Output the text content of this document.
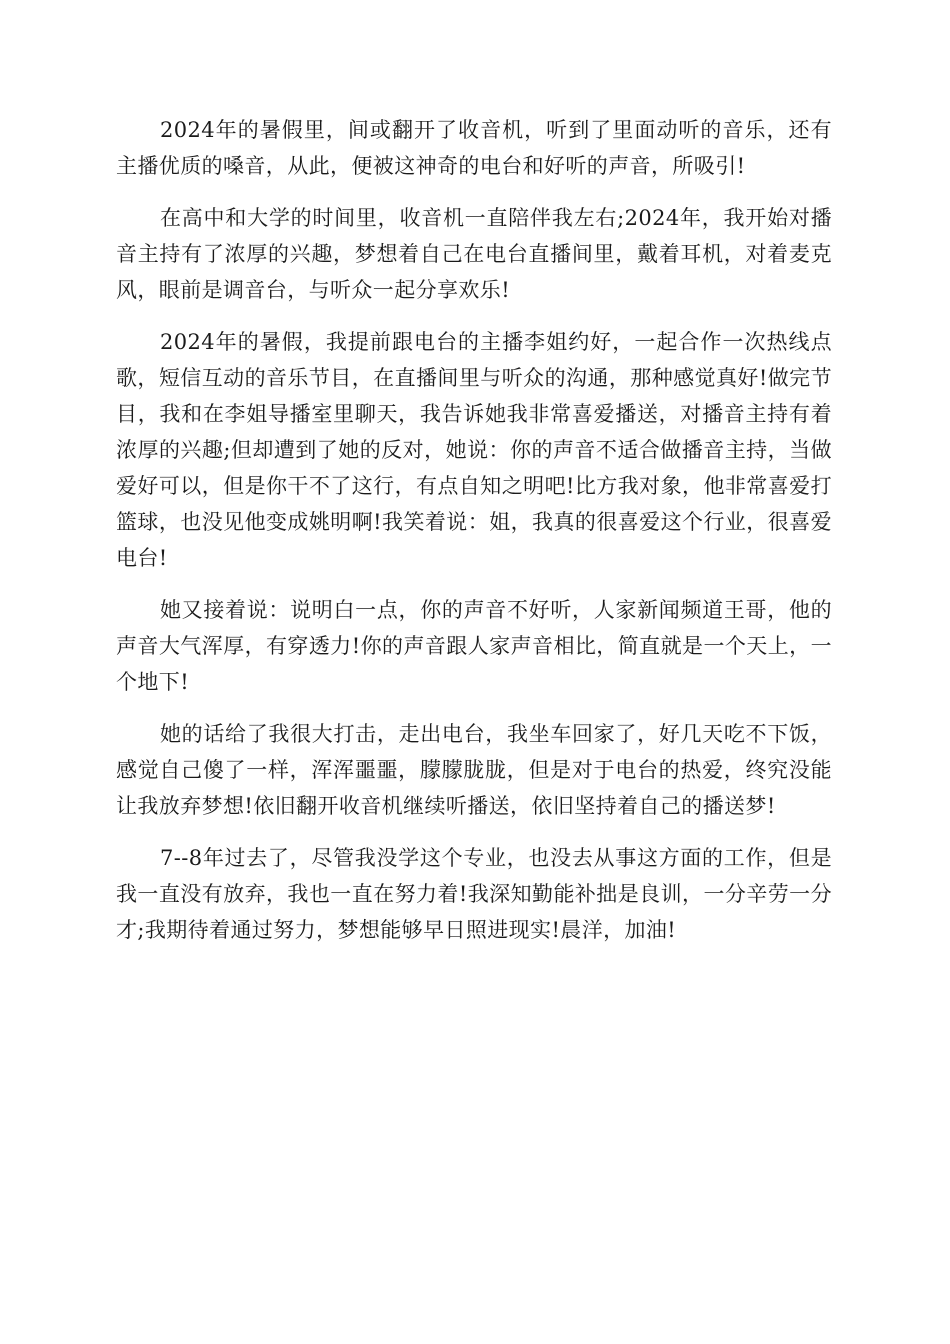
2024年的暑假里，间或翻开了收音机，听到了里面动听的音乐，还有主播优质的嗓音，从此，便被这神奇的电台和好听的声音，所吸引!

在高中和大学的时间里，收音机一直陪伴我左右;2024年，我开始对播音主持有了浓厚的兴趣，梦想着自己在电台直播间里，戴着耳机，对着麦克风，眼前是调音台，与听众一起分享欢乐!

2024年的暑假，我提前跟电台的主播李姐约好，一起合作一次热线点歌，短信互动的音乐节目，在直播间里与听众的沟通，那种感觉真好!做完节目，我和在李姐导播室里聊天，我告诉她我非常喜爱播送，对播音主持有着浓厚的兴趣;但却遭到了她的反对，她说：你的声音不适合做播音主持，当做爱好可以，但是你干不了这行，有点自知之明吧!比方我对象，他非常喜爱打篮球，也没见他变成姚明啊!我笑着说：姐，我真的很喜爱这个行业，很喜爱电台!

她又接着说：说明白一点，你的声音不好听，人家新闻频道王哥，他的声音大气浑厚，有穿透力!你的声音跟人家声音相比，简直就是一个天上，一个地下!

她的话给了我很大打击，走出电台，我坐车回家了，好几天吃不下饭，感觉自己傻了一样，浑浑噩噩，朦朦胧胧，但是对于电台的热爱，终究没能让我放弃梦想!依旧翻开收音机继续听播送，依旧坚持着自己的播送梦!

7--8年过去了，尽管我没学这个专业，也没去从事这方面的工作，但是我一直没有放弃，我也一直在努力着!我深知勤能补拙是良训，一分辛劳一分才;我期待着通过努力，梦想能够早日照进现实!晨洋，加油!
